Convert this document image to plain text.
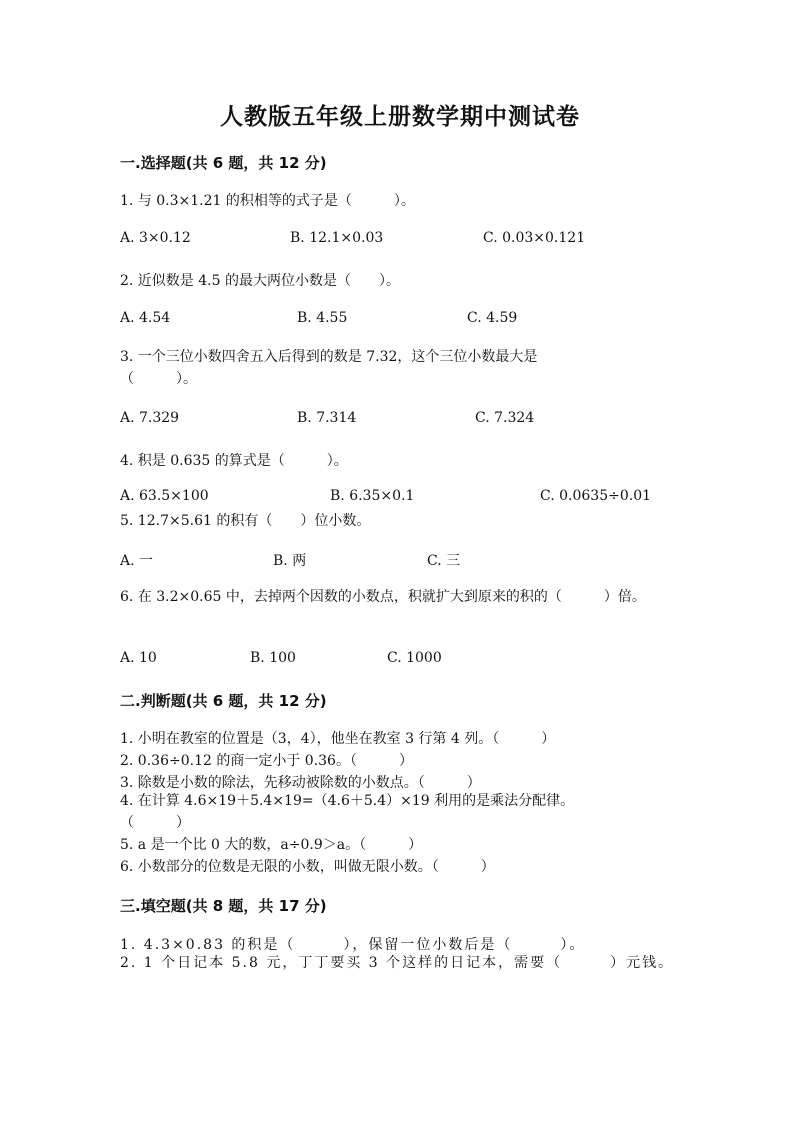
人教版五年级上册数学期中测试卷
一.选择题(共 6 题，共 12 分)
1. 与 0.3×1.21 的积相等的式子是（　　　）。
A. 3×0.12	B. 12.1×0.03	C. 0.03×0.121
2. 近似数是 4.5 的最大两位小数是（　　）。
A. 4.54	B. 4.55	C. 4.59
3. 一个三位小数四舍五入后得到的数是 7.32，这个三位小数最大是（　　　）。
A. 7.329	B. 7.314	C. 7.324
4. 积是 0.635 的算式是（　　　）。
A. 63.5×100	B. 6.35×0.1	C. 0.0635÷0.01
5. 12.7×5.61 的积有（　　）位小数。
A. 一	B. 两	C. 三
6. 在 3.2×0.65 中，去掉两个因数的小数点，积就扩大到原来的积的（　　　）倍。
A. 10	B. 100	C. 1000
二.判断题(共 6 题，共 12 分)
1. 小明在教室的位置是（3，4），他坐在教室 3 行第 4 列。（　　　）
2. 0.36÷0.12 的商一定小于 0.36。（　　　）
3. 除数是小数的除法，先移动被除数的小数点。（　　　）
4. 在计算 4.6×19＋5.4×19=（4.6＋5.4）×19 利用的是乘法分配律。（　　　）
5. a 是一个比 0 大的数，a÷0.9＞a。（　　　）
6. 小数部分的位数是无限的小数，叫做无限小数。（　　　）
三.填空题(共 8 题，共 17 分)
1. 4.3×0.83 的积是（　　　），保留一位小数后是（　　　）。
2. 1 个日记本 5.8 元，丁丁要买 3 个这样的日记本，需要（　　　）元钱。
